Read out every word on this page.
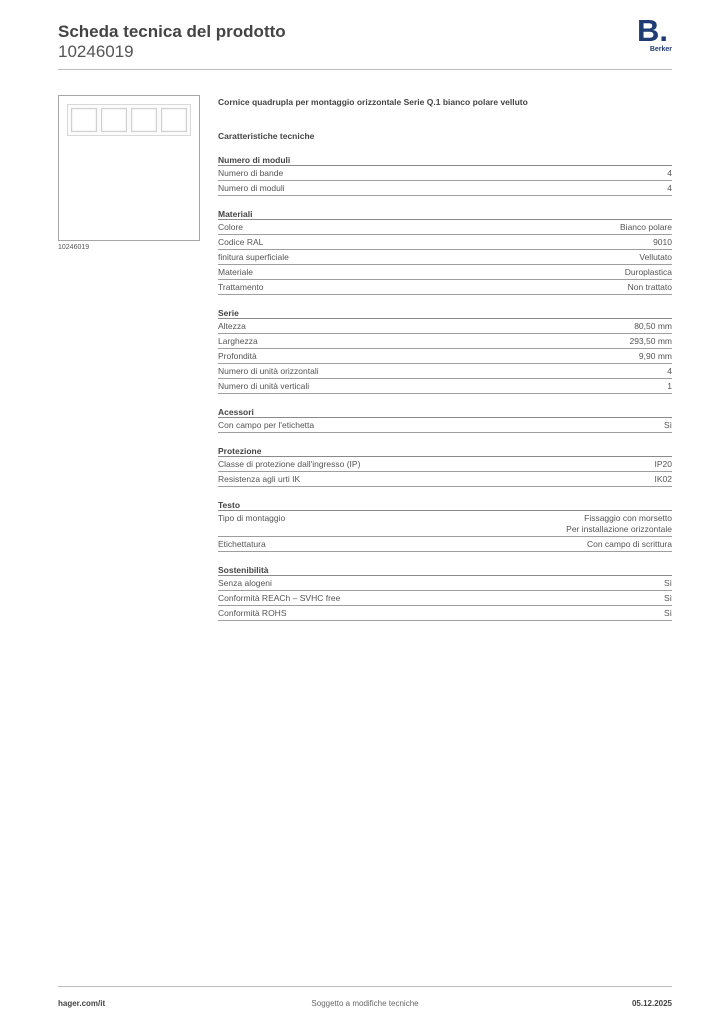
Scheda tecnica del prodotto
10246019
B.
Berker
10246019
Cornice quadrupla per montaggio orizzontale Serie Q.1 bianco polare velluto
Caratteristiche tecniche
Numero di moduli
Numero di bande	4
Numero di moduli	4
Materiali
Colore	Bianco polare
Codice RAL	9010
finitura superficiale	Vellutato
Materiale	Duroplastica
Trattamento	Non trattato
Serie
Altezza	80,50 mm
Larghezza	293,50 mm
Profondità	9,90 mm
Numero di unità orizzontali	4
Numero di unità verticali	1
Acessori
Con campo per l'etichetta	Sì
Protezione
Classe di protezione dall'ingresso (IP)	IP20
Resistenza agli urti IK	IK02
Testo
Tipo di montaggio	Fissaggio con morsetto
Per installazione orizzontale
Etichettatura	Con campo di scrittura
Sostenibilità
Senza alogeni	Sì
Conformità REACh – SVHC free	Sì
Conformità ROHS	Sì
hager.com/it	Soggetto a modifiche tecniche	05.12.2025
